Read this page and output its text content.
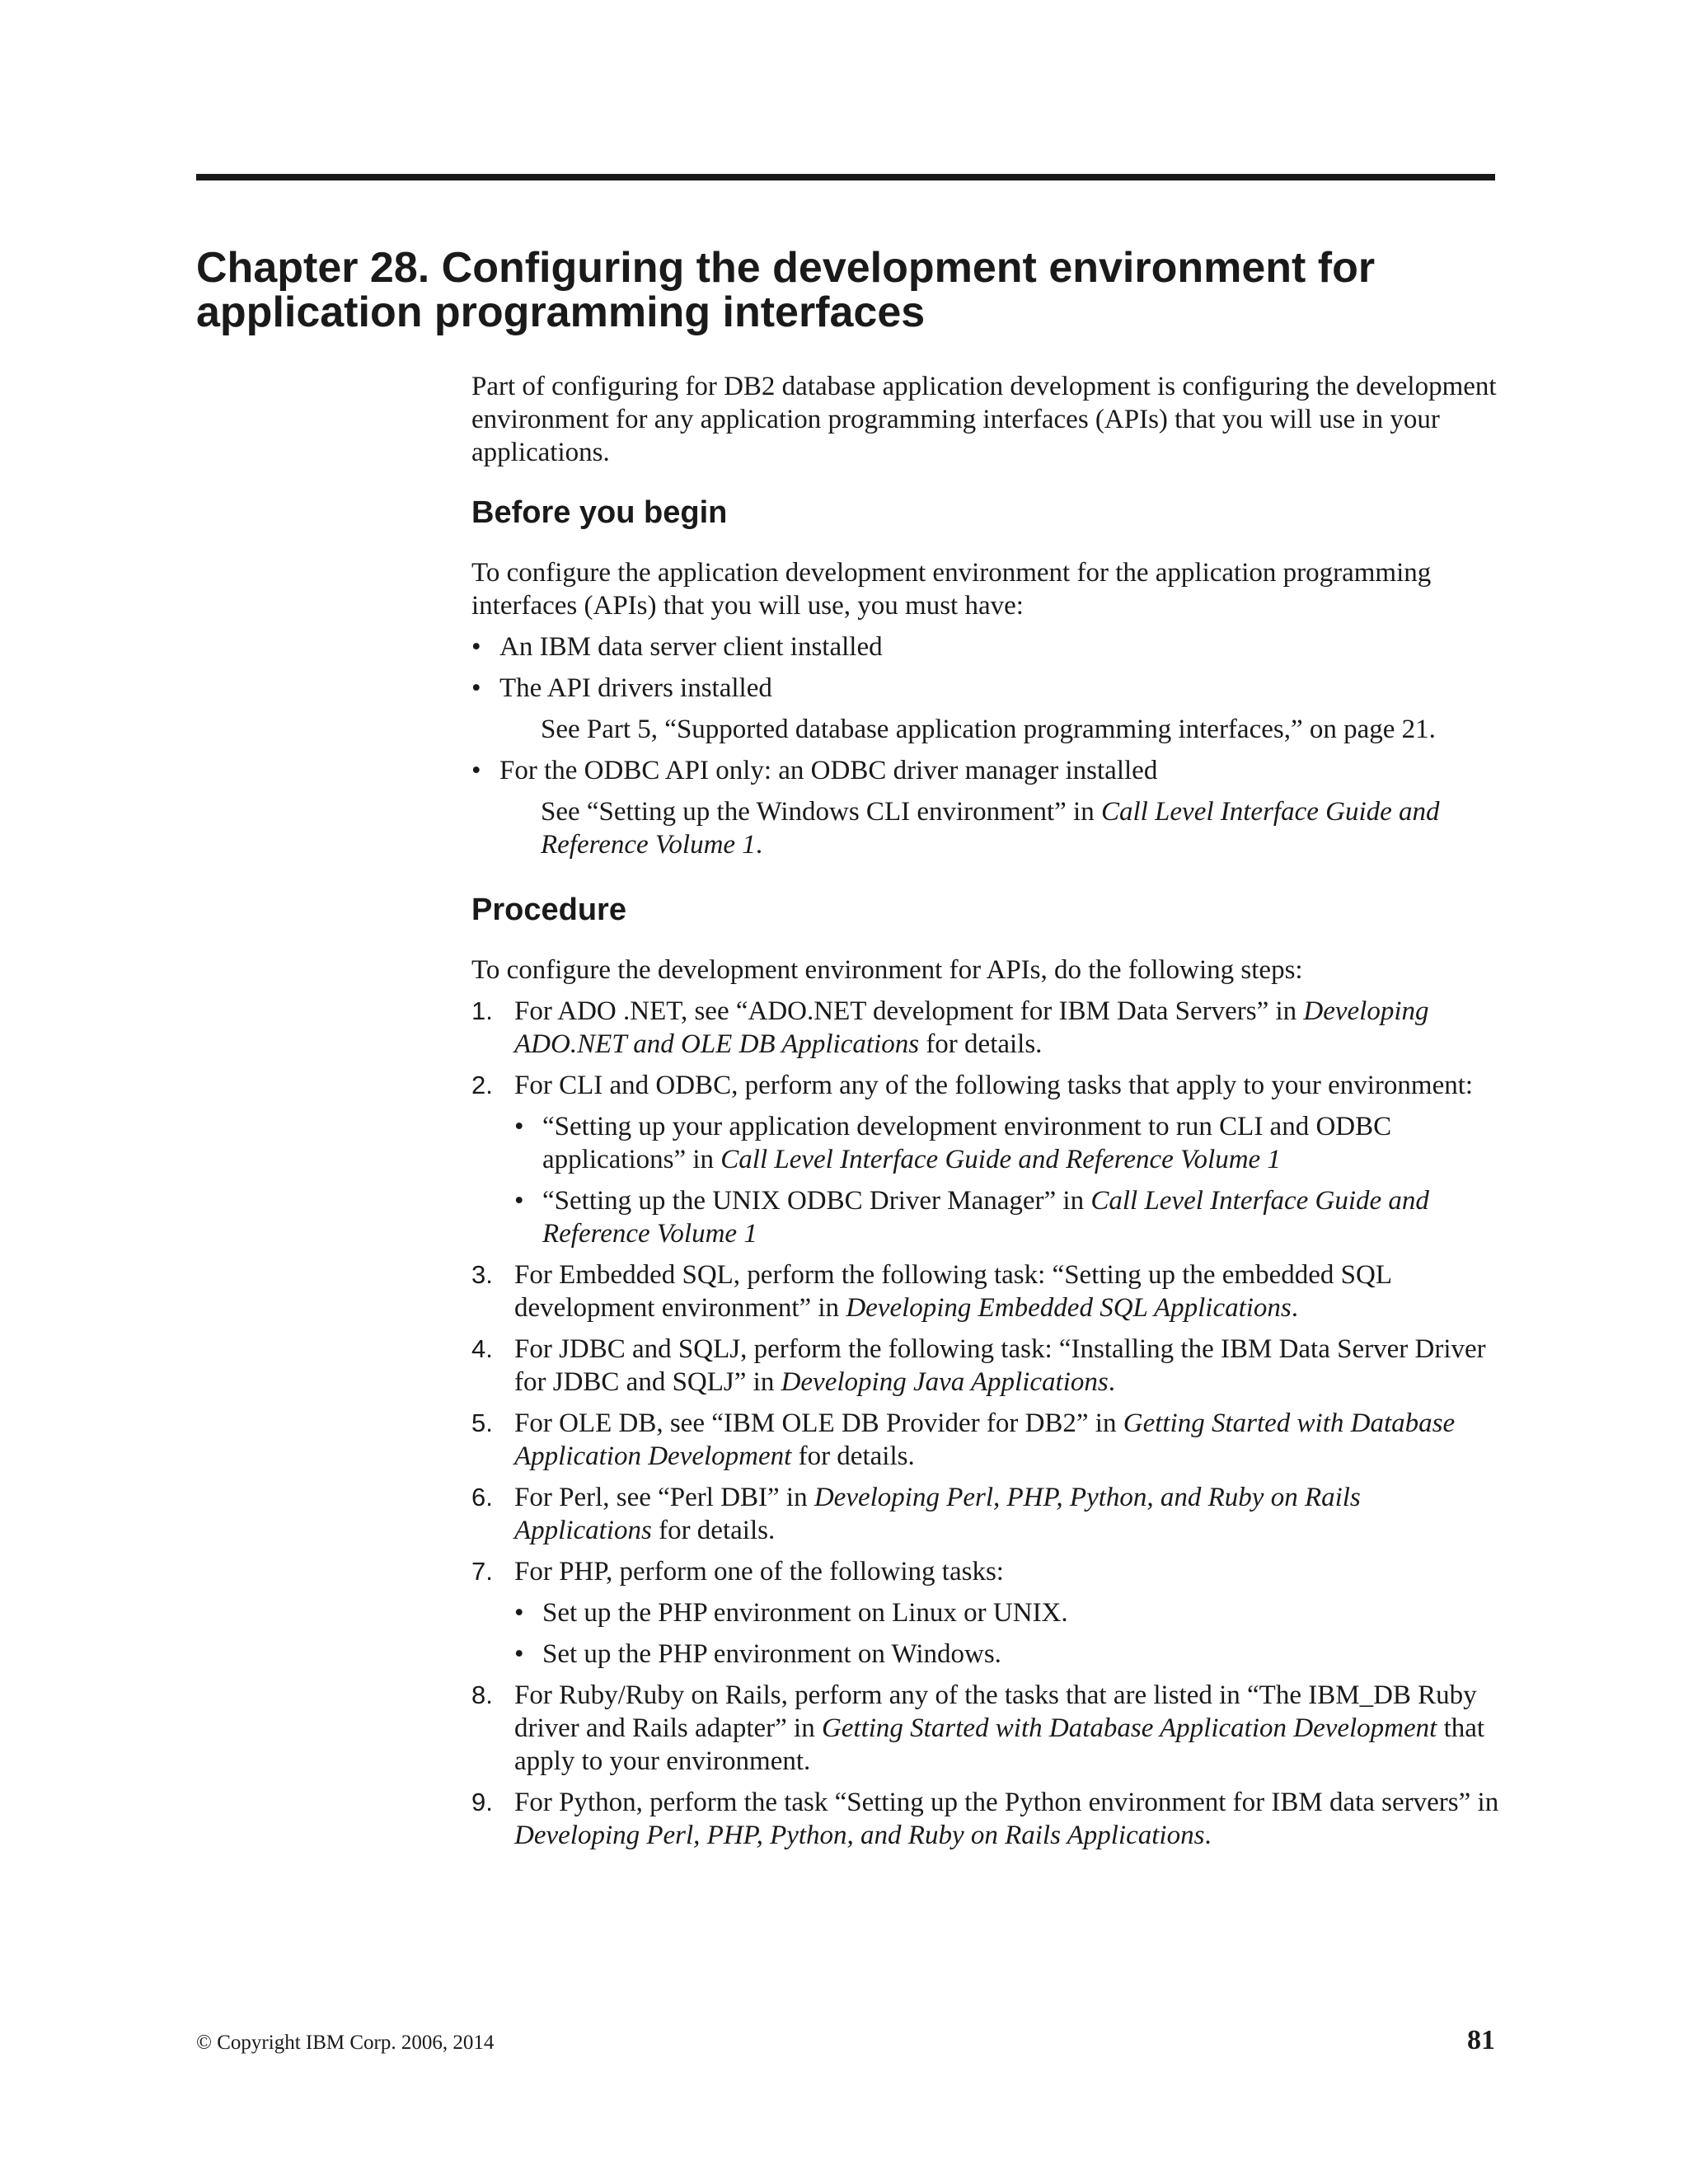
Chapter 28. Configuring the development environment for
application programming interfaces

Part of configuring for DB2 database application development is configuring the development environment for any application programming interfaces (APIs) that you will use in your applications.

Before you begin

To configure the application development environment for the application programming interfaces (APIs) that you will use, you must have:

• An IBM data server client installed
• The API drivers installed

See Part 5, “Supported database application programming interfaces,” on page 21.

• For the ODBC API only: an ODBC driver manager installed

See “Setting up the Windows CLI environment” in Call Level Interface Guide and Reference Volume 1.

Procedure

To configure the development environment for APIs, do the following steps:

1. For ADO .NET, see “ADO.NET development for IBM Data Servers” in Developing ADO.NET and OLE DB Applications for details.
2. For CLI and ODBC, perform any of the following tasks that apply to your environment:
• “Setting up your application development environment to run CLI and ODBC applications” in Call Level Interface Guide and Reference Volume 1
• “Setting up the UNIX ODBC Driver Manager” in Call Level Interface Guide and Reference Volume 1
3. For Embedded SQL, perform the following task: “Setting up the embedded SQL development environment” in Developing Embedded SQL Applications.
4. For JDBC and SQLJ, perform the following task: “Installing the IBM Data Server Driver for JDBC and SQLJ” in Developing Java Applications.
5. For OLE DB, see “IBM OLE DB Provider for DB2” in Getting Started with Database Application Development for details.
6. For Perl, see “Perl DBI” in Developing Perl, PHP, Python, and Ruby on Rails Applications for details.
7. For PHP, perform one of the following tasks:
• Set up the PHP environment on Linux or UNIX.
• Set up the PHP environment on Windows.
8. For Ruby/Ruby on Rails, perform any of the tasks that are listed in “The IBM_DB Ruby driver and Rails adapter” in Getting Started with Database Application Development that apply to your environment.
9. For Python, perform the task “Setting up the Python environment for IBM data servers” in Developing Perl, PHP, Python, and Ruby on Rails Applications.
© Copyright IBM Corp. 2006, 2014	81
